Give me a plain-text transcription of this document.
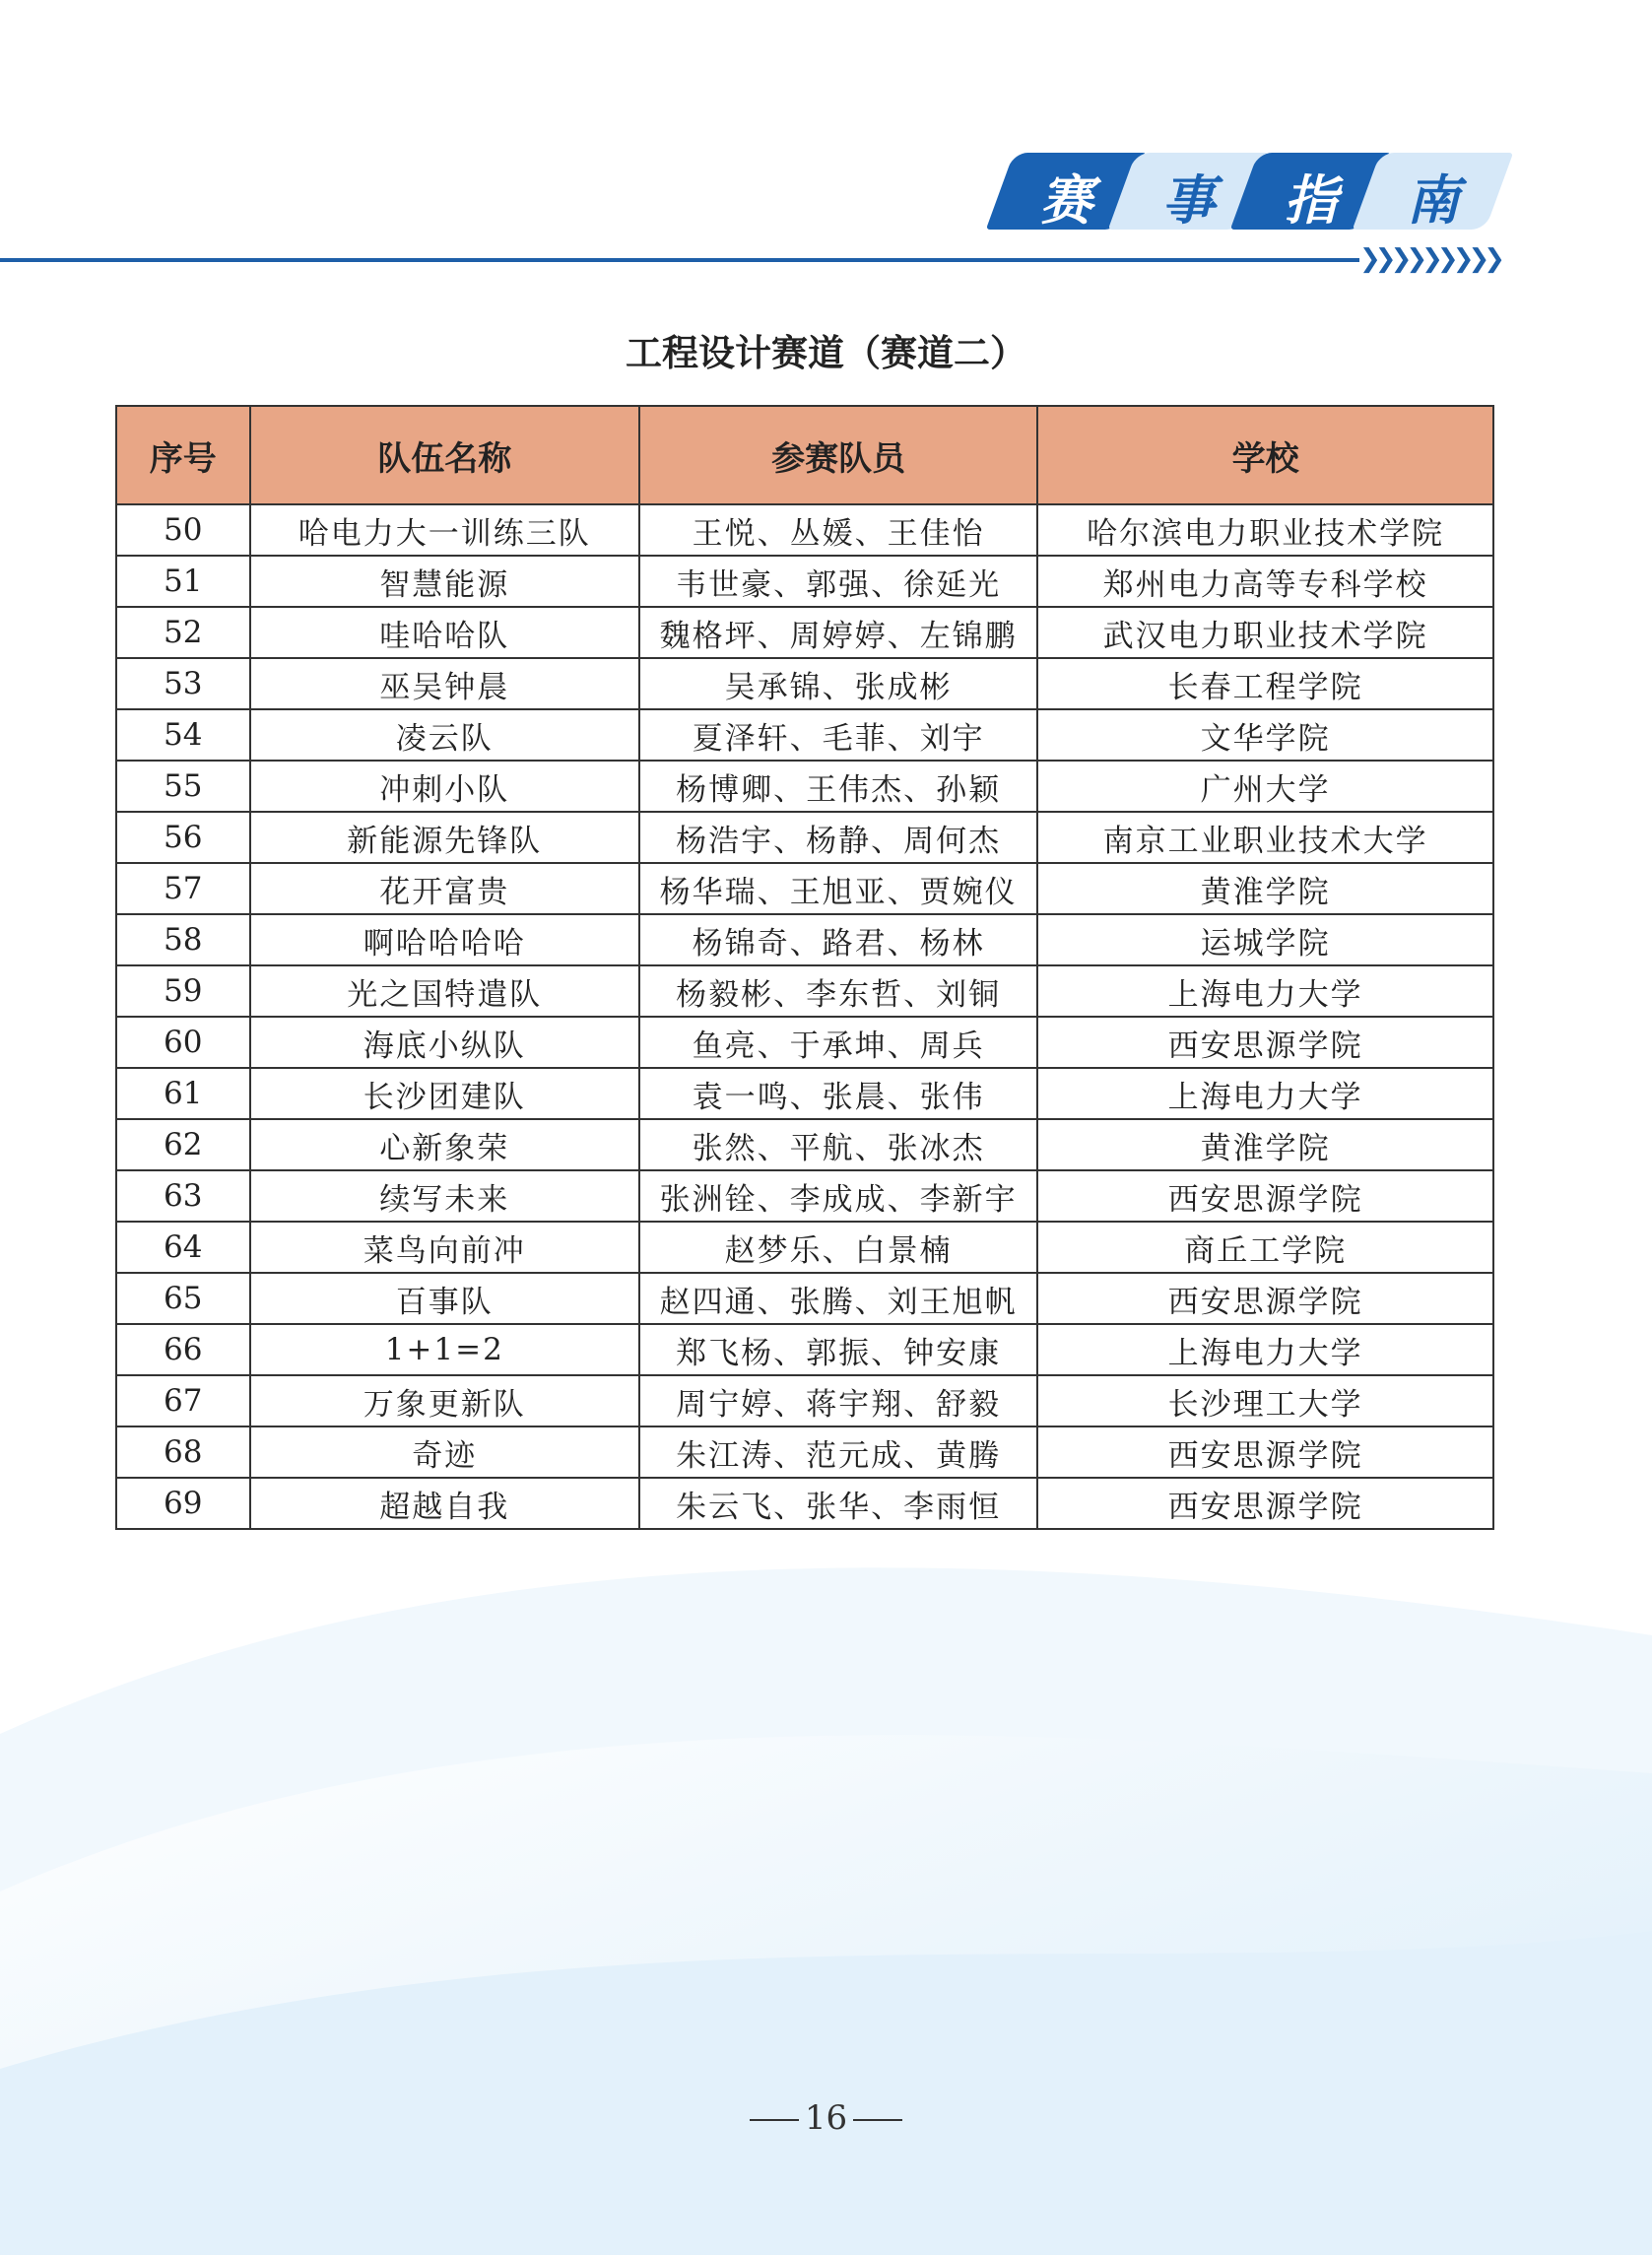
赛	事	指	南
❯❯❯❯❯❯❯❯❯
工程设计赛道（赛道二）
序号	队伍名称	参赛队员	学校
50	哈电力大一训练三队	王悦、丛媛、王佳怡	哈尔滨电力职业技术学院
51	智慧能源	韦世豪、郭强、徐延光	郑州电力高等专科学校
52	哇哈哈队	魏格坪、周婷婷、左锦鹏	武汉电力职业技术学院
53	巫吴钟晨	吴承锦、张成彬	长春工程学院
54	凌云队	夏泽轩、毛菲、刘宇	文华学院
55	冲刺小队	杨博卿、王伟杰、孙颖	广州大学
56	新能源先锋队	杨浩宇、杨静、周何杰	南京工业职业技术大学
57	花开富贵	杨华瑞、王旭亚、贾婉仪	黄淮学院
58	啊哈哈哈哈	杨锦奇、路君、杨林	运城学院
59	光之国特遣队	杨毅彬、李东哲、刘铜	上海电力大学
60	海底小纵队	鱼亮、于承坤、周兵	西安思源学院
61	长沙团建队	袁一鸣、张晨、张伟	上海电力大学
62	心新象荣	张然、平航、张冰杰	黄淮学院
63	续写未来	张洲铨、李成成、李新宇	西安思源学院
64	菜鸟向前冲	赵梦乐、白景楠	商丘工学院
65	百事队	赵四通、张腾、刘王旭帆	西安思源学院
66	1+1=2	郑飞杨、郭振、钟安康	上海电力大学
67	万象更新队	周宁婷、蒋宇翔、舒毅	长沙理工大学
68	奇迹	朱江涛、范元成、黄腾	西安思源学院
69	超越自我	朱云飞、张华、李雨恒	西安思源学院
16
